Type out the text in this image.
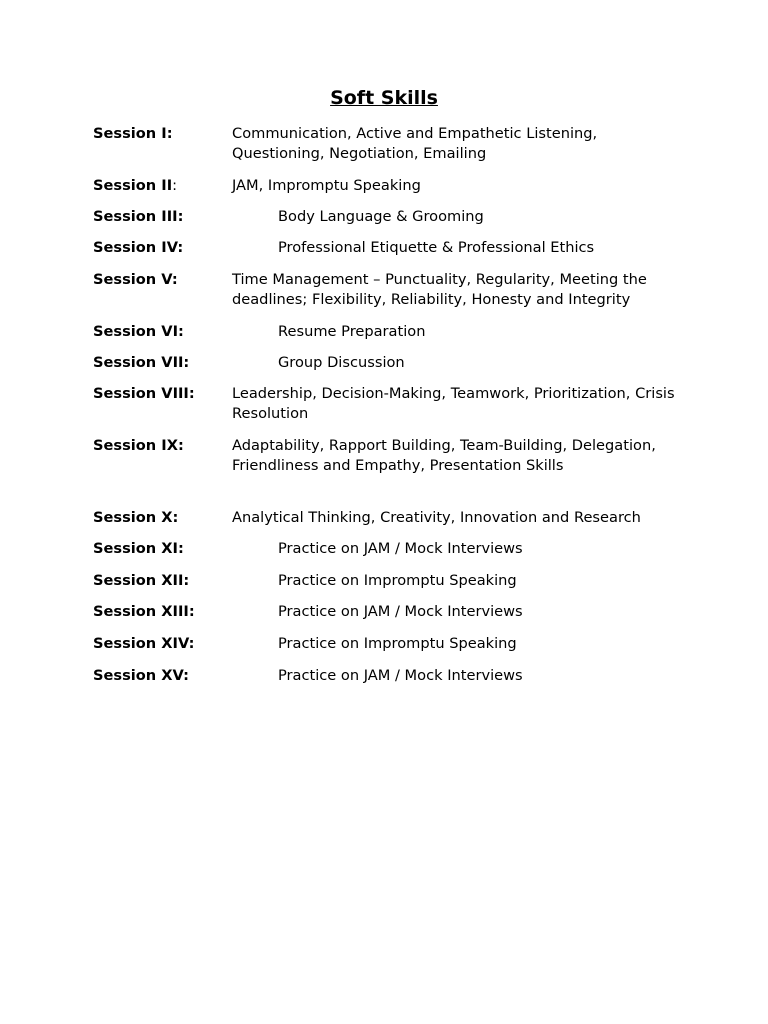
Soft Skills
Session I:	Communication, Active and Empathetic Listening, Questioning, Negotiation, Emailing
Session II:	JAM, Impromptu Speaking
Session III:	Body Language & Grooming
Session IV:	Professional Etiquette & Professional Ethics
Session V:	Time Management – Punctuality, Regularity, Meeting the deadlines; Flexibility, Reliability, Honesty and Integrity
Session VI:	Resume Preparation
Session VII:	Group Discussion
Session VIII:	Leadership, Decision-Making, Teamwork, Prioritization, Crisis Resolution
Session IX:	Adaptability, Rapport Building, Team-Building, Delegation, Friendliness and Empathy, Presentation Skills
Session X:	Analytical Thinking, Creativity, Innovation and Research
Session XI:	Practice on JAM / Mock Interviews
Session XII:	Practice on Impromptu Speaking
Session XIII:	Practice on JAM / Mock Interviews
Session XIV:	Practice on Impromptu Speaking
Session XV:	Practice on JAM / Mock Interviews
